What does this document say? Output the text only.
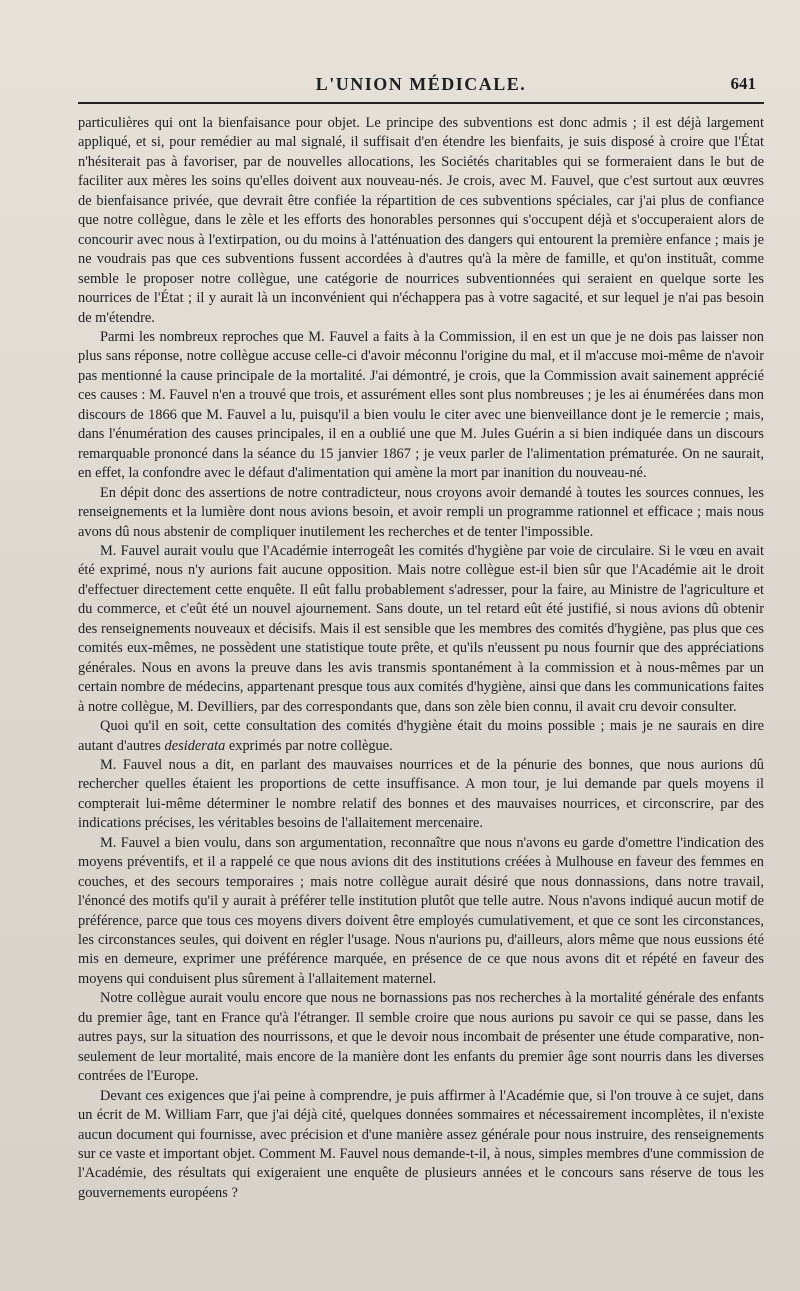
L'UNION MÉDICALE.	641

particulières qui ont la bienfaisance pour objet. Le principe des subventions est donc admis ; il est déjà largement appliqué, et si, pour remédier au mal signalé, il suffisait d'en étendre les bienfaits, je suis disposé à croire que l'État n'hésiterait pas à favoriser, par de nouvelles allocations, les Sociétés charitables qui se formeraient dans le but de faciliter aux mères les soins qu'elles doivent aux nouveau-nés. Je crois, avec M. Fauvel, que c'est surtout aux œuvres de bienfaisance privée, que devrait être confiée la répartition de ces subventions spéciales, car j'ai plus de confiance que notre collègue, dans le zèle et les efforts des honorables personnes qui s'occupent déjà et s'occuperaient alors de concourir avec nous à l'extirpation, ou du moins à l'atténuation des dangers qui entourent la première enfance ; mais je ne voudrais pas que ces subventions fussent accordées à d'autres qu'à la mère de famille, et qu'on instituât, comme semble le proposer notre collègue, une catégorie de nourrices subventionnées qui seraient en quelque sorte les nourrices de l'État ; il y aurait là un inconvénient qui n'échappera pas à votre sagacité, et sur lequel je n'ai pas besoin de m'étendre.

Parmi les nombreux reproches que M. Fauvel a faits à la Commission, il en est un que je ne dois pas laisser non plus sans réponse, notre collègue accuse celle-ci d'avoir méconnu l'origine du mal, et il m'accuse moi-même de n'avoir pas mentionné la cause principale de la mortalité. J'ai démontré, je crois, que la Commission avait sainement apprécié ces causes : M. Fauvel n'en a trouvé que trois, et assurément elles sont plus nombreuses ; je les ai énumérées dans mon discours de 1866 que M. Fauvel a lu, puisqu'il a bien voulu le citer avec une bienveillance dont je le remercie ; mais, dans l'énumération des causes principales, il en a oublié une que M. Jules Guérin a si bien indiquée dans un discours remarquable prononcé dans la séance du 15 janvier 1867 ; je veux parler de l'alimentation prématurée. On ne saurait, en effet, la confondre avec le défaut d'alimentation qui amène la mort par inanition du nouveau-né.

En dépit donc des assertions de notre contradicteur, nous croyons avoir demandé à toutes les sources connues, les renseignements et la lumière dont nous avions besoin, et avoir rempli un programme rationnel et efficace ; mais nous avons dû nous abstenir de compliquer inutilement les recherches et de tenter l'impossible.

M. Fauvel aurait voulu que l'Académie interrogeât les comités d'hygiène par voie de circulaire. Si le vœu en avait été exprimé, nous n'y aurions fait aucune opposition. Mais notre collègue est-il bien sûr que l'Académie ait le droit d'effectuer directement cette enquête. Il eût fallu probablement s'adresser, pour la faire, au Ministre de l'agriculture et du commerce, et c'eût été un nouvel ajournement. Sans doute, un tel retard eût été justifié, si nous avions dû obtenir des renseignements nouveaux et décisifs. Mais il est sensible que les membres des comités d'hygiène, pas plus que ces comités eux-mêmes, ne possèdent une statistique toute prête, et qu'ils n'eussent pu nous fournir que des appréciations générales. Nous en avons la preuve dans les avis transmis spontanément à la commission et à nous-mêmes par un certain nombre de médecins, appartenant presque tous aux comités d'hygiène, ainsi que dans les communications faites à notre collègue, M. Devilliers, par des correspondants que, dans son zèle bien connu, il avait cru devoir consulter.

Quoi qu'il en soit, cette consultation des comités d'hygiène était du moins possible ; mais je ne saurais en dire autant d'autres desiderata exprimés par notre collègue.

M. Fauvel nous a dit, en parlant des mauvaises nourrices et de la pénurie des bonnes, que nous aurions dû rechercher quelles étaient les proportions de cette insuffisance. A mon tour, je lui demande par quels moyens il compterait lui-même déterminer le nombre relatif des bonnes et des mauvaises nourrices, et circonscrire, par des indications précises, les véritables besoins de l'allaitement mercenaire.

M. Fauvel a bien voulu, dans son argumentation, reconnaître que nous n'avons eu garde d'omettre l'indication des moyens préventifs, et il a rappelé ce que nous avions dit des institutions créées à Mulhouse en faveur des femmes en couches, et des secours temporaires ; mais notre collègue aurait désiré que nous donnassions, dans notre travail, l'énoncé des motifs qu'il y aurait à préférer telle institution plutôt que telle autre. Nous n'avons indiqué aucun motif de préférence, parce que tous ces moyens divers doivent être employés cumulativement, et que ce sont les circonstances, les circonstances seules, qui doivent en régler l'usage. Nous n'aurions pu, d'ailleurs, alors même que nous eussions été mis en demeure, exprimer une préférence marquée, en présence de ce que nous avons dit et répété en faveur des moyens qui conduisent plus sûrement à l'allaitement maternel.

Notre collègue aurait voulu encore que nous ne bornassions pas nos recherches à la mortalité générale des enfants du premier âge, tant en France qu'à l'étranger. Il semble croire que nous aurions pu savoir ce qui se passe, dans les autres pays, sur la situation des nourrissons, et que le devoir nous incombait de présenter une étude comparative, non-seulement de leur mortalité, mais encore de la manière dont les enfants du premier âge sont nourris dans les diverses contrées de l'Europe.

Devant ces exigences que j'ai peine à comprendre, je puis affirmer à l'Académie que, si l'on trouve à ce sujet, dans un écrit de M. William Farr, que j'ai déjà cité, quelques données sommaires et nécessairement incomplètes, il n'existe aucun document qui fournisse, avec précision et d'une manière assez générale pour nous instruire, des renseignements sur ce vaste et important objet. Comment M. Fauvel nous demande-t-il, à nous, simples membres d'une commission de l'Académie, des résultats qui exigeraient une enquête de plusieurs années et le concours sans réserve de tous les gouvernements européens ?
